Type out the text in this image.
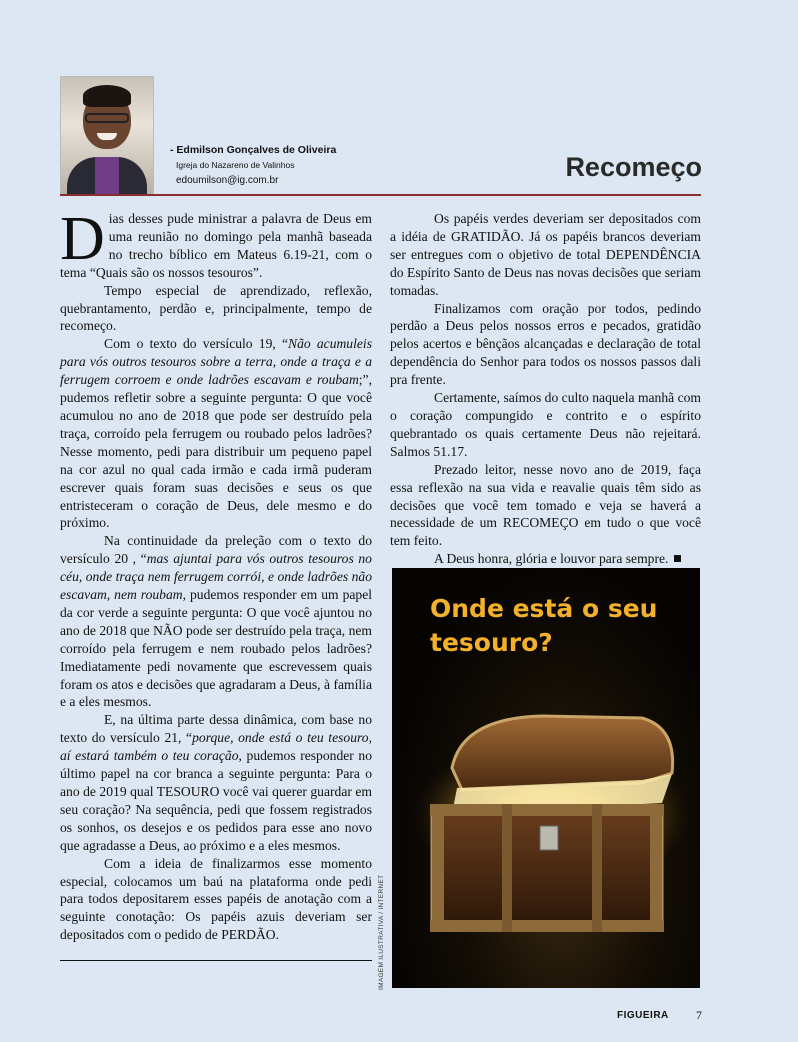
- Edmilson Gonçalves de Oliveira
Igreja do Nazareno de Valinhos
edoumilson@ig.com.br	Recomeço

Dias desses pude ministrar a palavra de Deus em uma reunião no domingo pela manhã baseada no trecho bíblico em Mateus 6.19-21, com o tema “Quais são os nossos tesouros”.

Tempo especial de aprendizado, reflexão, quebrantamento, perdão e, principalmente, tempo de recomeço.

Com o texto do versículo 19, “Não acumuleis para vós outros tesouros sobre a terra, onde a traça e a ferrugem corroem e onde ladrões escavam e roubam;”, pudemos refletir sobre a seguinte pergunta: O que você acumulou no ano de 2018 que pode ser destruído pela traça, corroído pela ferrugem ou roubado pelos ladrões? Nesse momento, pedi para distribuir um pequeno papel na cor azul no qual cada irmão e cada irmã puderam escrever quais foram suas decisões e seus os que entristeceram o coração de Deus, dele mesmo e do próximo.

Na continuidade da preleção com o texto do versículo 20 , “mas ajuntai para vós outros tesouros no céu, onde traça nem ferrugem corrói, e onde ladrões não escavam, nem roubam, pudemos responder em um papel da cor verde a seguinte pergunta: O que você ajuntou no ano de 2018 que NÃO pode ser destruído pela traça, nem corroído pela ferrugem e nem roubado pelos ladrões? Imediatamente pedi novamente que escrevessem quais foram os atos e decisões que agradaram a Deus, à família e a eles mesmos.

E, na última parte dessa dinâmica, com base no texto do versículo 21, “porque, onde está o teu tesouro, aí estará também o teu coração, pudemos responder no último papel na cor branca a seguinte pergunta: Para o ano de 2019 qual TESOURO você vai querer guardar em seu coração? Na sequência, pedi que fossem registrados os sonhos, os desejos e os pedidos para esse ano novo que agradasse a Deus, ao próximo e a eles mesmos.

Com a ideia de finalizarmos esse momento especial, colocamos um baú na plataforma onde pedi para todos depositarem esses papéis de anotação com a seguinte conotação: Os papéis azuis deveriam ser depositados com o pedido de PERDÃO.

Os papéis verdes deveriam ser depositados com a idéia de GRATIDÃO. Já os papéis brancos deveriam ser entregues com o objetivo de total DEPENDÊNCIA do Espírito Santo de Deus nas novas decisões que seriam tomadas.

Finalizamos com oração por todos, pedindo perdão a Deus pelos nossos erros e pecados, gratidão pelos acertos e bênçãos alcançadas e declaração de total dependência do Senhor para todos os nossos passos dali pra frente.

Certamente, saímos do culto naquela manhã com o coração compungido e contrito e o espírito quebrantado os quais certamente Deus não rejeitará. Salmos 51.17.

Prezado leitor, nesse novo ano de 2019, faça essa reflexão na sua vida e reavalie quais têm sido as decisões que você tem tomado e veja se haverá a necessidade de um RECOMEÇO em tudo o que você tem feito.

A Deus honra, glória e louvor para sempre.

Onde está o seu tesouro?
IMAGEM ILUSTRATIVA / INTERNET
FIGUEIRA 7
